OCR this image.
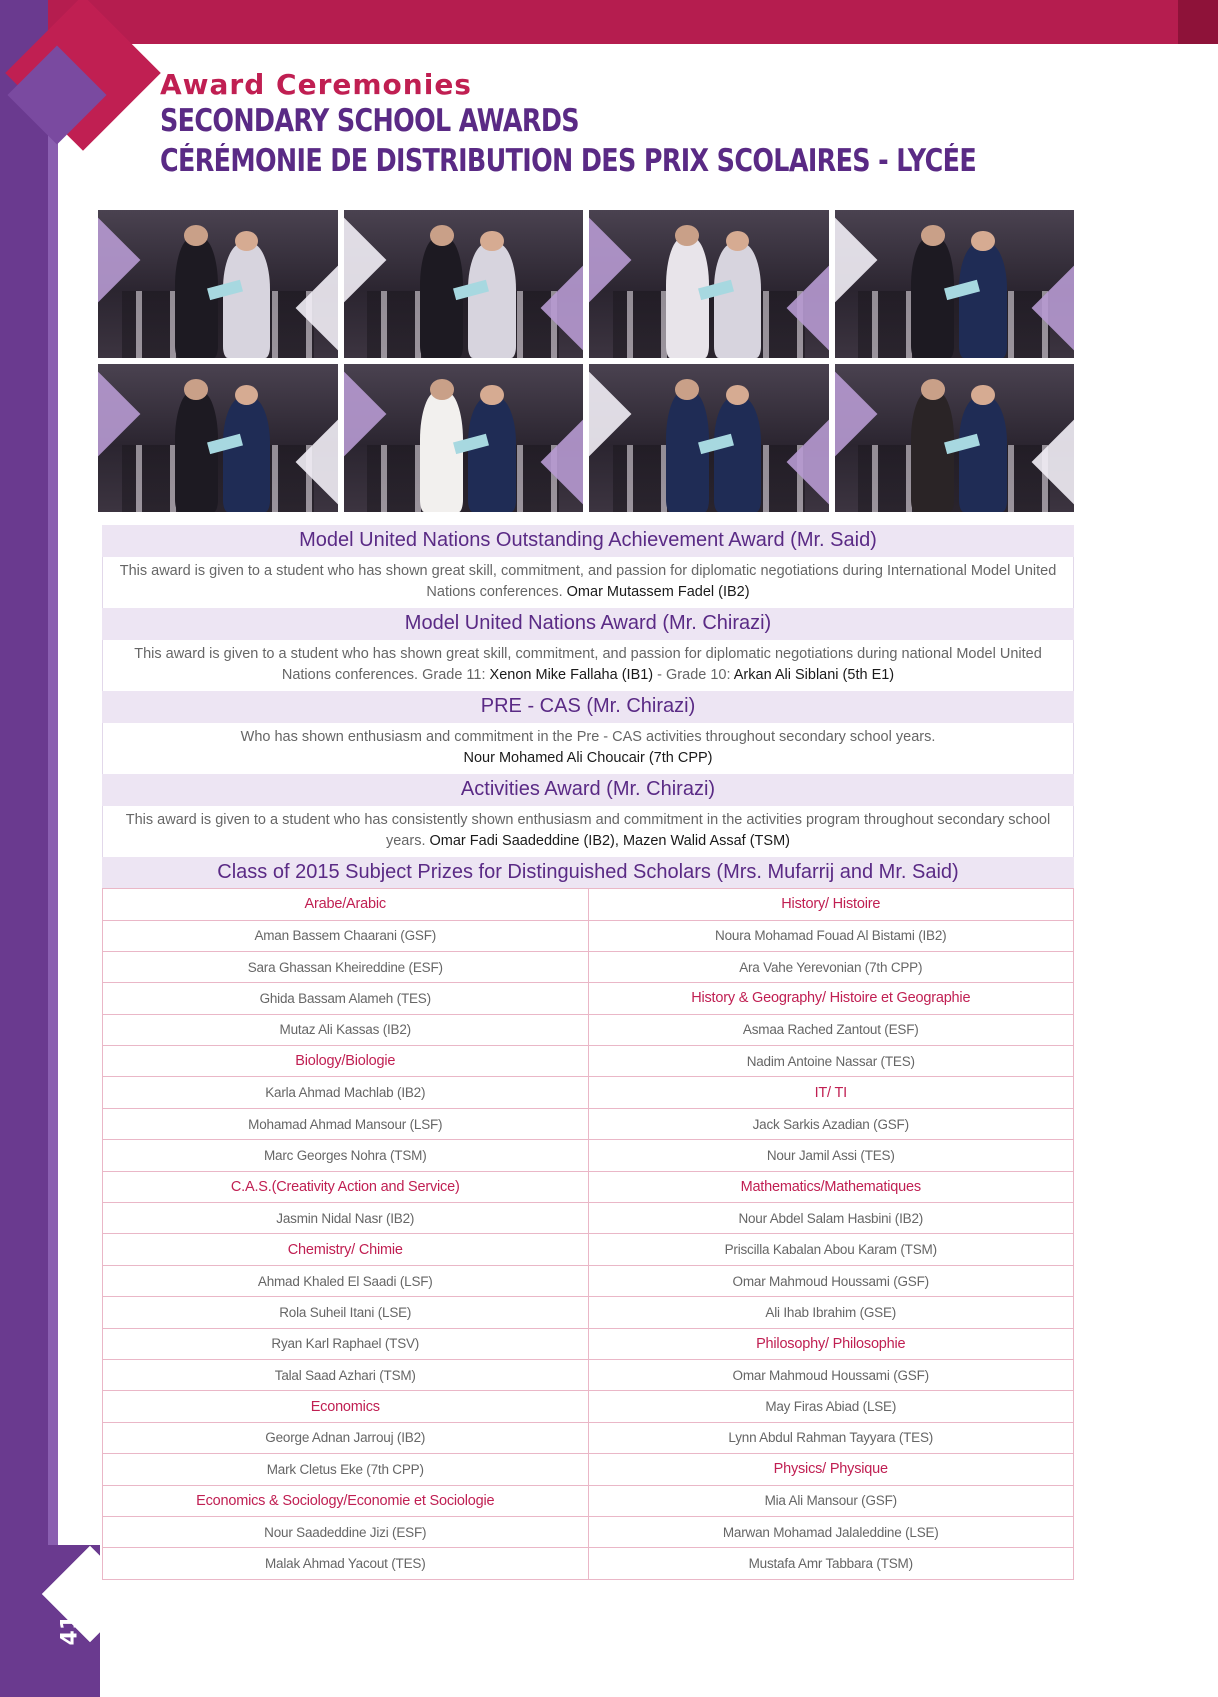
410
Award Ceremonies
SECONDARY SCHOOL AWARDS
CÉRÉMONIE DE DISTRIBUTION DES PRIX SCOLAIRES - LYCÉE
Model United Nations Outstanding Achievement Award (Mr. Said)
This award is given to a student who has shown great skill, commitment, and passion for diplomatic negotiations during International Model United Nations conferences. Omar Mutassem Fadel (IB2)
Model United Nations Award (Mr. Chirazi)
This award is given to a student who has shown great skill, commitment, and passion for diplomatic negotiations during national Model United Nations conferences. Grade 11: Xenon Mike Fallaha (IB1) - Grade 10: Arkan Ali Siblani (5th E1)
PRE - CAS (Mr. Chirazi)
Who has shown enthusiasm and commitment in the Pre - CAS activities throughout secondary school years.
Nour Mohamed Ali Choucair (7th CPP)
Activities Award (Mr. Chirazi)
This award is given to a student who has consistently shown enthusiasm and commitment in the activities program throughout secondary school years. Omar Fadi Saadeddine (IB2), Mazen Walid Assaf (TSM)
Class of 2015 Subject Prizes for Distinguished Scholars (Mrs. Mufarrij and Mr. Said)
Arabe/Arabic	History/ Histoire
Aman Bassem Chaarani (GSF)	Noura Mohamad Fouad Al Bistami (IB2)
Sara Ghassan Kheireddine (ESF)	Ara Vahe Yerevonian (7th CPP)
Ghida Bassam Alameh (TES)	History & Geography/ Histoire et Geographie
Mutaz Ali Kassas (IB2)	Asmaa Rached Zantout (ESF)
Biology/Biologie	Nadim Antoine Nassar (TES)
Karla Ahmad Machlab (IB2)	IT/ TI
Mohamad Ahmad Mansour (LSF)	Jack Sarkis Azadian (GSF)
Marc Georges Nohra (TSM)	Nour Jamil Assi (TES)
C.A.S.(Creativity Action and Service)	Mathematics/Mathematiques
Jasmin Nidal Nasr (IB2)	Nour Abdel Salam Hasbini (IB2)
Chemistry/ Chimie	Priscilla Kabalan Abou Karam (TSM)
Ahmad Khaled El Saadi (LSF)	Omar Mahmoud Houssami (GSF)
Rola Suheil Itani (LSE)	Ali Ihab Ibrahim (GSE)
Ryan Karl Raphael (TSV)	Philosophy/ Philosophie
Talal Saad Azhari (TSM)	Omar Mahmoud Houssami (GSF)
Economics	May Firas Abiad (LSE)
George Adnan Jarrouj (IB2)	Lynn Abdul Rahman Tayyara (TES)
Mark Cletus Eke (7th CPP)	Physics/ Physique
Economics & Sociology/Economie et Sociologie	Mia Ali Mansour (GSF)
Nour Saadeddine Jizi (ESF)	Marwan Mohamad Jalaleddine (LSE)
Malak Ahmad Yacout (TES)	Mustafa Amr Tabbara (TSM)
